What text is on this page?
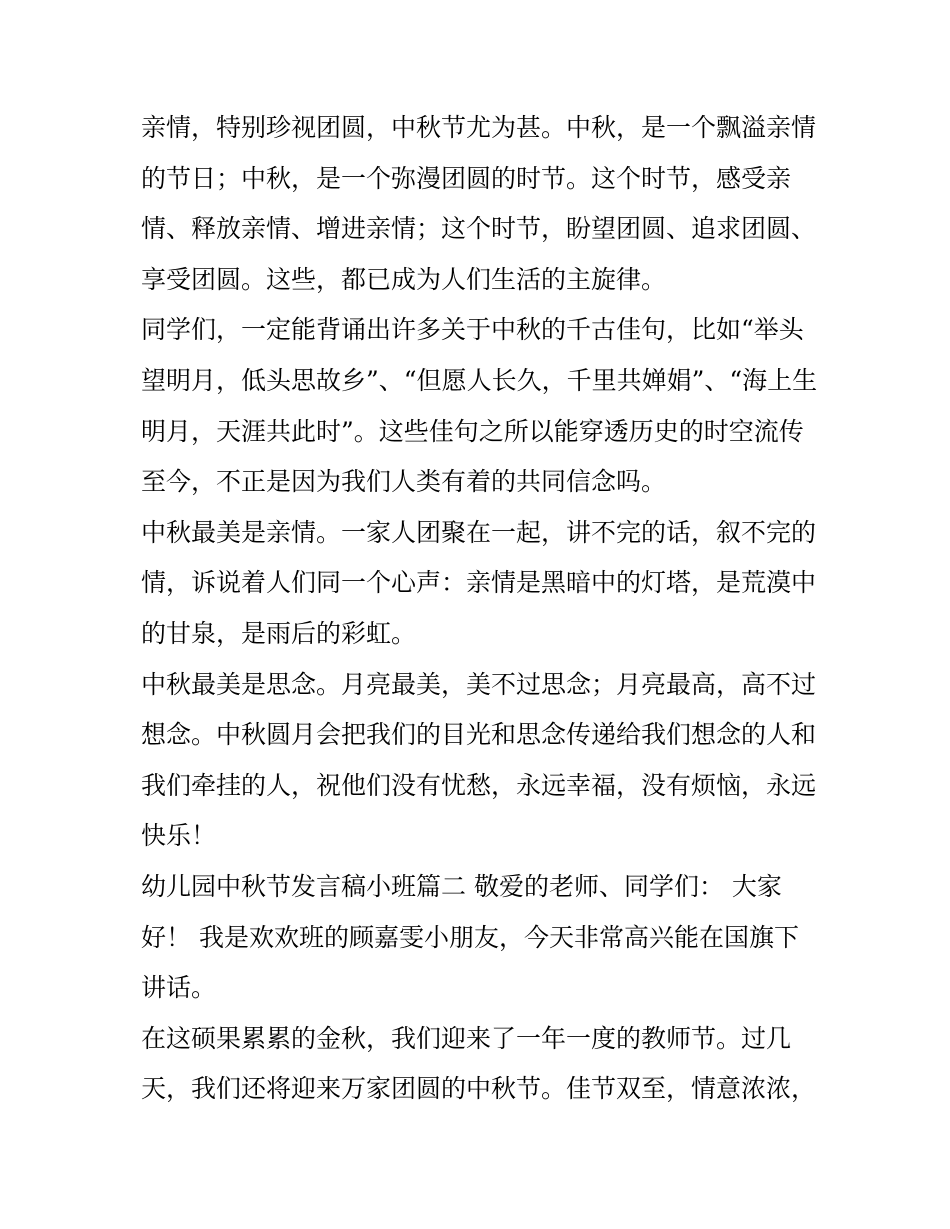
亲情，特别珍视团圆，中秋节尤为甚。中秋，是一个飘溢亲情
的节日；中秋，是一个弥漫团圆的时节。这个时节，感受亲
情、释放亲情、增进亲情；这个时节，盼望团圆、追求团圆、
享受团圆。这些，都已成为人们生活的主旋律。
同学们，一定能背诵出许多关于中秋的千古佳句，比如“举头
望明月，低头思故乡”、“但愿人长久，千里共婵娟”、“海上生
明月，天涯共此时”。这些佳句之所以能穿透历史的时空流传
至今，不正是因为我们人类有着的共同信念吗。
中秋最美是亲情。一家人团聚在一起，讲不完的话，叙不完的
情，诉说着人们同一个心声：亲情是黑暗中的灯塔，是荒漠中
的甘泉，是雨后的彩虹。
中秋最美是思念。月亮最美，美不过思念；月亮最高，高不过
想念。中秋圆月会把我们的目光和思念传递给我们想念的人和
我们牵挂的人，祝他们没有忧愁，永远幸福，没有烦恼，永远
快乐！
幼儿园中秋节发言稿小班篇二 敬爱的老师、同学们： 大家
好！ 我是欢欢班的顾嘉雯小朋友，今天非常高兴能在国旗下
讲话。
在这硕果累累的金秋，我们迎来了一年一度的教师节。过几
天，我们还将迎来万家团圆的中秋节。佳节双至，情意浓浓，
